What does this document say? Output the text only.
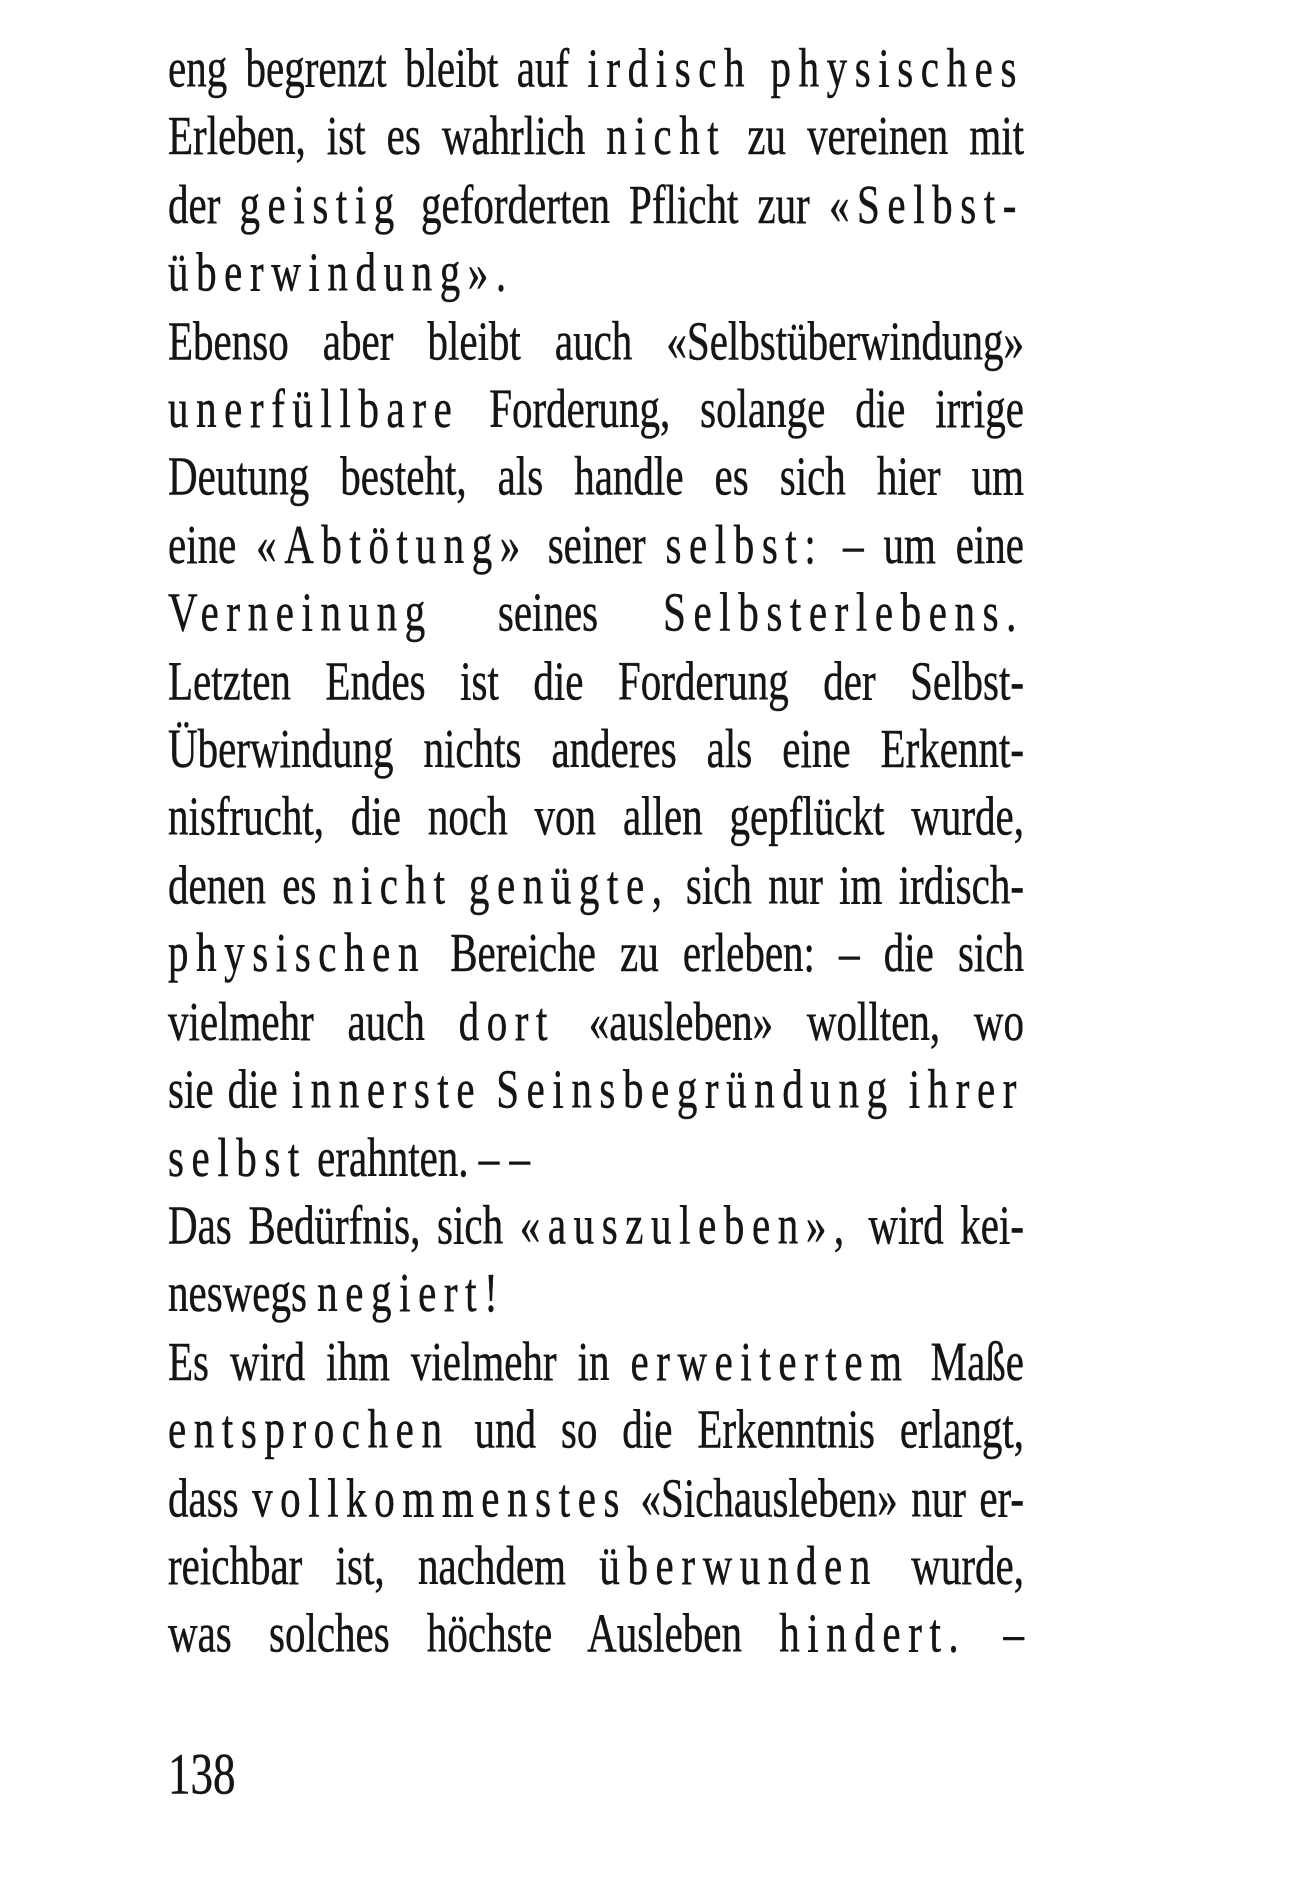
eng begrenzt bleibt auf irdisch physisches
Erleben, ist es wahrlich nicht zu vereinen mit
der geistig geforderten Pflicht zur «Selbst-
überwindung».
Ebenso aber bleibt auch «Selbstüberwindung»
unerfüllbare Forderung, solange die irrige
Deutung besteht, als handle es sich hier um
eine «Abtötung» seiner selbst: – um eine
Verneinung seines Selbsterlebens.
Letzten Endes ist die Forderung der Selbst-
Überwindung nichts anderes als eine Erkennt-
nisfrucht, die noch von allen gepflückt wurde,
denen es nicht genügte, sich nur im irdisch-
physischen Bereiche zu erleben: – die sich
vielmehr auch dort «ausleben» wollten, wo
sie die innerste Seinsbegründung ihrer
selbst erahnten. – –
Das Bedürfnis, sich «auszuleben», wird kei-
neswegs negiert!
Es wird ihm vielmehr in erweitertem Maße
entsprochen und so die Erkenntnis erlangt,
dass vollkommenstes «Sichausleben» nur er-
reichbar ist, nachdem überwunden wurde,
was solches höchste Ausleben hindert. –
138
